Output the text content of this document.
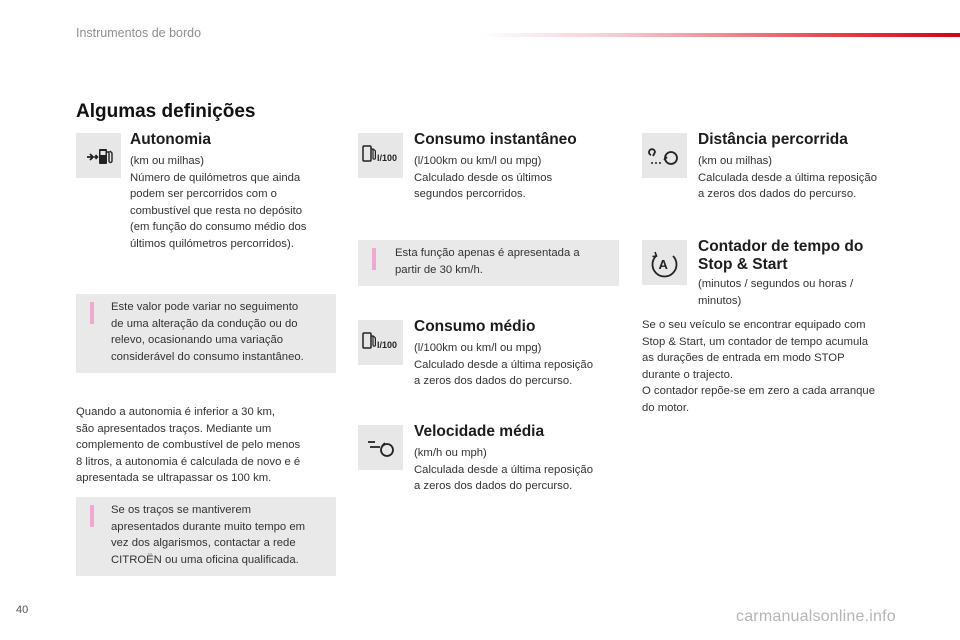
Instrumentos de bordo
Algumas definições
Autonomia
(km ou milhas)
Número de quilómetros que ainda
podem ser percorridos com o
combustível que resta no depósito
(em função do consumo médio dos
últimos quilómetros percorridos).
Este valor pode variar no seguimento
de uma alteração da condução ou do
relevo, ocasionando uma variação
considerável do consumo instantâneo.
Quando a autonomia é inferior a 30 km,
são apresentados traços. Mediante um
complemento de combustível de pelo menos
8 litros, a autonomia é calculada de novo e é
apresentada se ultrapassar os 100 km.
Se os traços se mantiverem
apresentados durante muito tempo em
vez dos algarismos, contactar a rede
CITROËN ou uma oficina qualificada.
l/100
Consumo instantâneo
(l/100km ou km/l ou mpg)
Calculado desde os últimos
segundos percorridos.
Esta função apenas é apresentada a
partir de 30 km/h.
l/100
Consumo médio
(l/100km ou km/l ou mpg)
Calculado desde a última reposição
a zeros dos dados do percurso.
Velocidade média
(km/h ou mph)
Calculada desde a última reposição
a zeros dos dados do percurso.
Distância percorrida
(km ou milhas)
Calculada desde a última reposição
a zeros dos dados do percurso.
A
Contador de tempo do
Stop & Start
(minutos / segundos ou horas /
minutos)
Se o seu veículo se encontrar equipado com
Stop & Start, um contador de tempo acumula
as durações de entrada em modo STOP
durante o trajecto.
O contador repõe-se em zero a cada arranque
do motor.
40	carmanualsonline.info
